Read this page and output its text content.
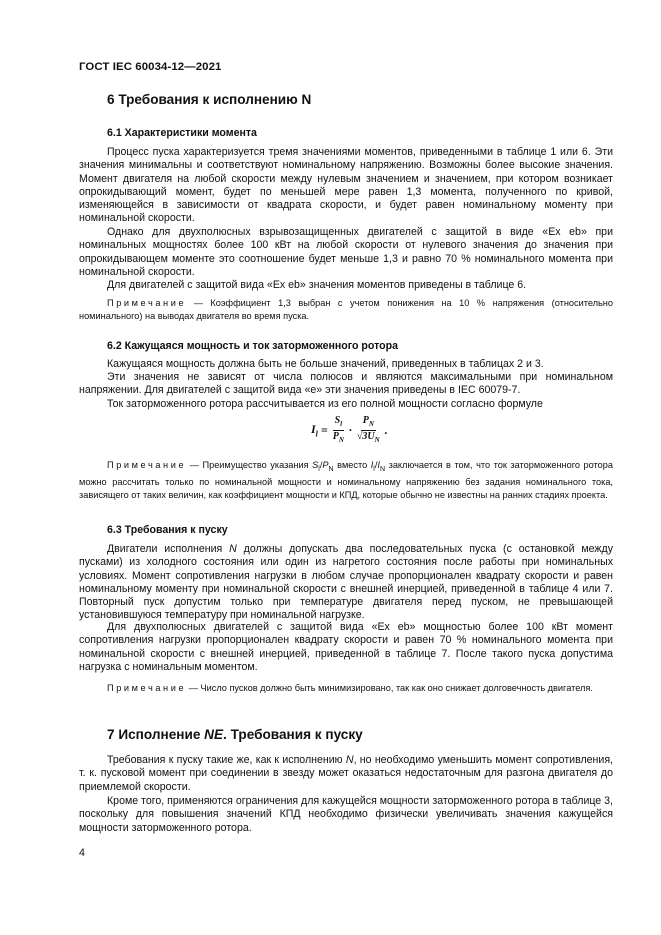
ГОСТ IEC 60034-12—2021
6 Требования к исполнению N
6.1 Характеристики момента

Процесс пуска характеризуется тремя значениями моментов, приведенными в таблице 1 или 6. Эти значения минимальны и соответствуют номинальному напряжению. Возможны более высокие значения. Момент двигателя на любой скорости между нулевым значением и значением, при котором возникает опрокидывающий момент, будет по меньшей мере равен 1,3 момента, полученного по кривой, изменяющейся в зависимости от квадрата скорости, и будет равен номинальному моменту при номинальной скорости.

Однако для двухполюсных взрывозащищенных двигателей с защитой в виде «Ex eb» при номинальных мощностях более 100 кВт на любой скорости от нулевого значения до значения при опрокидывающем моменте это соотношение будет меньше 1,3 и равно 70 % номинального момента при номинальной скорости.

Для двигателей с защитой вида «Ex eb» значения моментов приведены в таблице 6.

Примечание — Коэффициент 1,3 выбран с учетом понижения на 10 % напряжения (относительно номинального) на выводах двигателя во время пуска.

6.2 Кажущаяся мощность и ток заторможенного ротора

Кажущаяся мощность должна быть не больше значений, приведенных в таблицах 2 и 3.

Эти значения не зависят от числа полюсов и являются максимальными при номинальном напряжении. Для двигателей с защитой вида «е» эти значения приведены в IEC 60079-7.

Ток заторможенного ротора рассчитывается из его полной мощности согласно формуле

$I_l = \frac{S_l}{P_N} \cdot \frac{P_N}{√3U_N}$ .

Примечание — Преимущество указания $S_l/P_N$ вместо $I_l/I_N$ заключается в том, что ток заторможенного ротора можно рассчитать только по номинальной мощности и номинальному напряжению без задания номинального тока, зависящего от таких величин, как коэффициент мощности и КПД, которые обычно не известны на ранних стадиях проекта.

6.3 Требования к пуску

Двигатели исполнения N должны допускать два последовательных пуска (с остановкой между пусками) из холодного состояния или один из нагретого состояния после работы при номинальных условиях. Момент сопротивления нагрузки в любом случае пропорционален квадрату скорости и равен номинальному моменту при номинальной скорости с внешней инерцией, приведенной в таблице 4 или 7. Повторный пуск допустим только при температуре двигателя перед пуском, не превышающей установившуюся температуру при номинальной нагрузке.

Для двухполюсных двигателей с защитой вида «Ex eb» мощностью более 100 кВт момент сопротивления нагрузки пропорционален квадрату скорости и равен 70 % номинального момента при номинальной скорости с внешней инерцией, приведенной в таблице 7. После такого пуска допустима нагрузка с номинальным моментом.

Примечание — Число пусков должно быть минимизировано, так как оно снижает долговечность двигателя.

7 Исполнение NE. Требования к пуску

Требования к пуску такие же, как к исполнению N, но необходимо уменьшить момент сопротивления, т. к. пусковой момент при соединении в звезду может оказаться недостаточным для разгона двигателя до приемлемой скорости.

Кроме того, применяются ограничения для кажущейся мощности заторможенного ротора в таблице 3, поскольку для повышения значений КПД необходимо физически увеличивать значения кажущейся мощности заторможенного ротора.

4
